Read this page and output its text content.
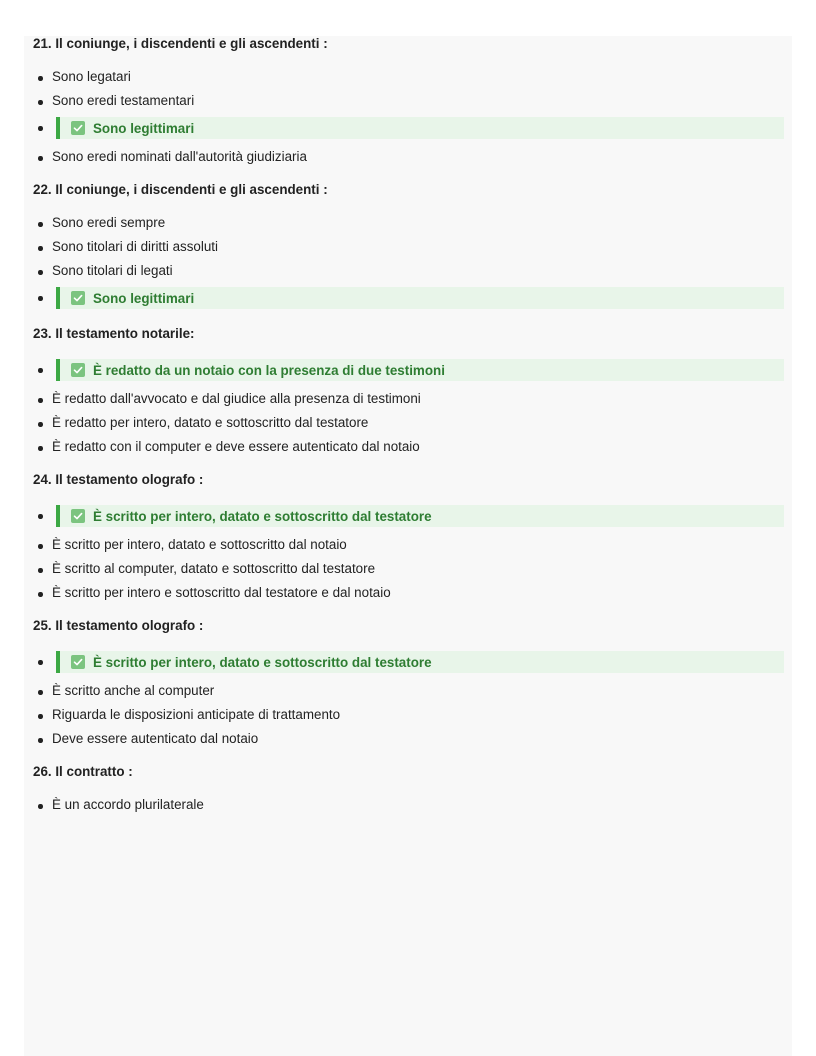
21. Il coniunge, i discendenti e gli ascendenti :
Sono legatari
Sono eredi testamentari
Sono legittimari
Sono eredi nominati dall'autorità giudiziaria
22. Il coniunge, i discendenti e gli ascendenti :
Sono eredi sempre
Sono titolari di diritti assoluti
Sono titolari di legati
Sono legittimari
23. Il testamento notarile:
È redatto da un notaio con la presenza di due testimoni
È redatto dall'avvocato e dal giudice alla presenza di testimoni
È redatto per intero, datato e sottoscritto dal testatore
È redatto con il computer e deve essere autenticato dal notaio
24. Il testamento olografo :
È scritto per intero, datato e sottoscritto dal testatore
È scritto per intero, datato e sottoscritto dal notaio
È scritto al computer, datato e sottoscritto dal testatore
È scritto per intero e sottoscritto dal testatore e dal notaio
25. Il testamento olografo :
È scritto per intero, datato e sottoscritto dal testatore
È scritto anche al computer
Riguarda le disposizioni anticipate di trattamento
Deve essere autenticato dal notaio
26. Il contratto :
È un accordo plurilaterale
